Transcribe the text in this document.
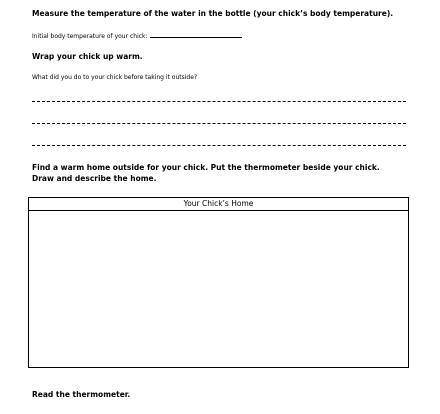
Measure the temperature of the water in the bottle (your chick’s body temperature).

Initial body temperature of your chick:

Wrap your chick up warm.

What did you do to your chick before taking it outside?

Find a warm home outside for your chick. Put the thermometer beside your chick. Draw and describe the home.

Your Chick’s Home

Read the thermometer.
